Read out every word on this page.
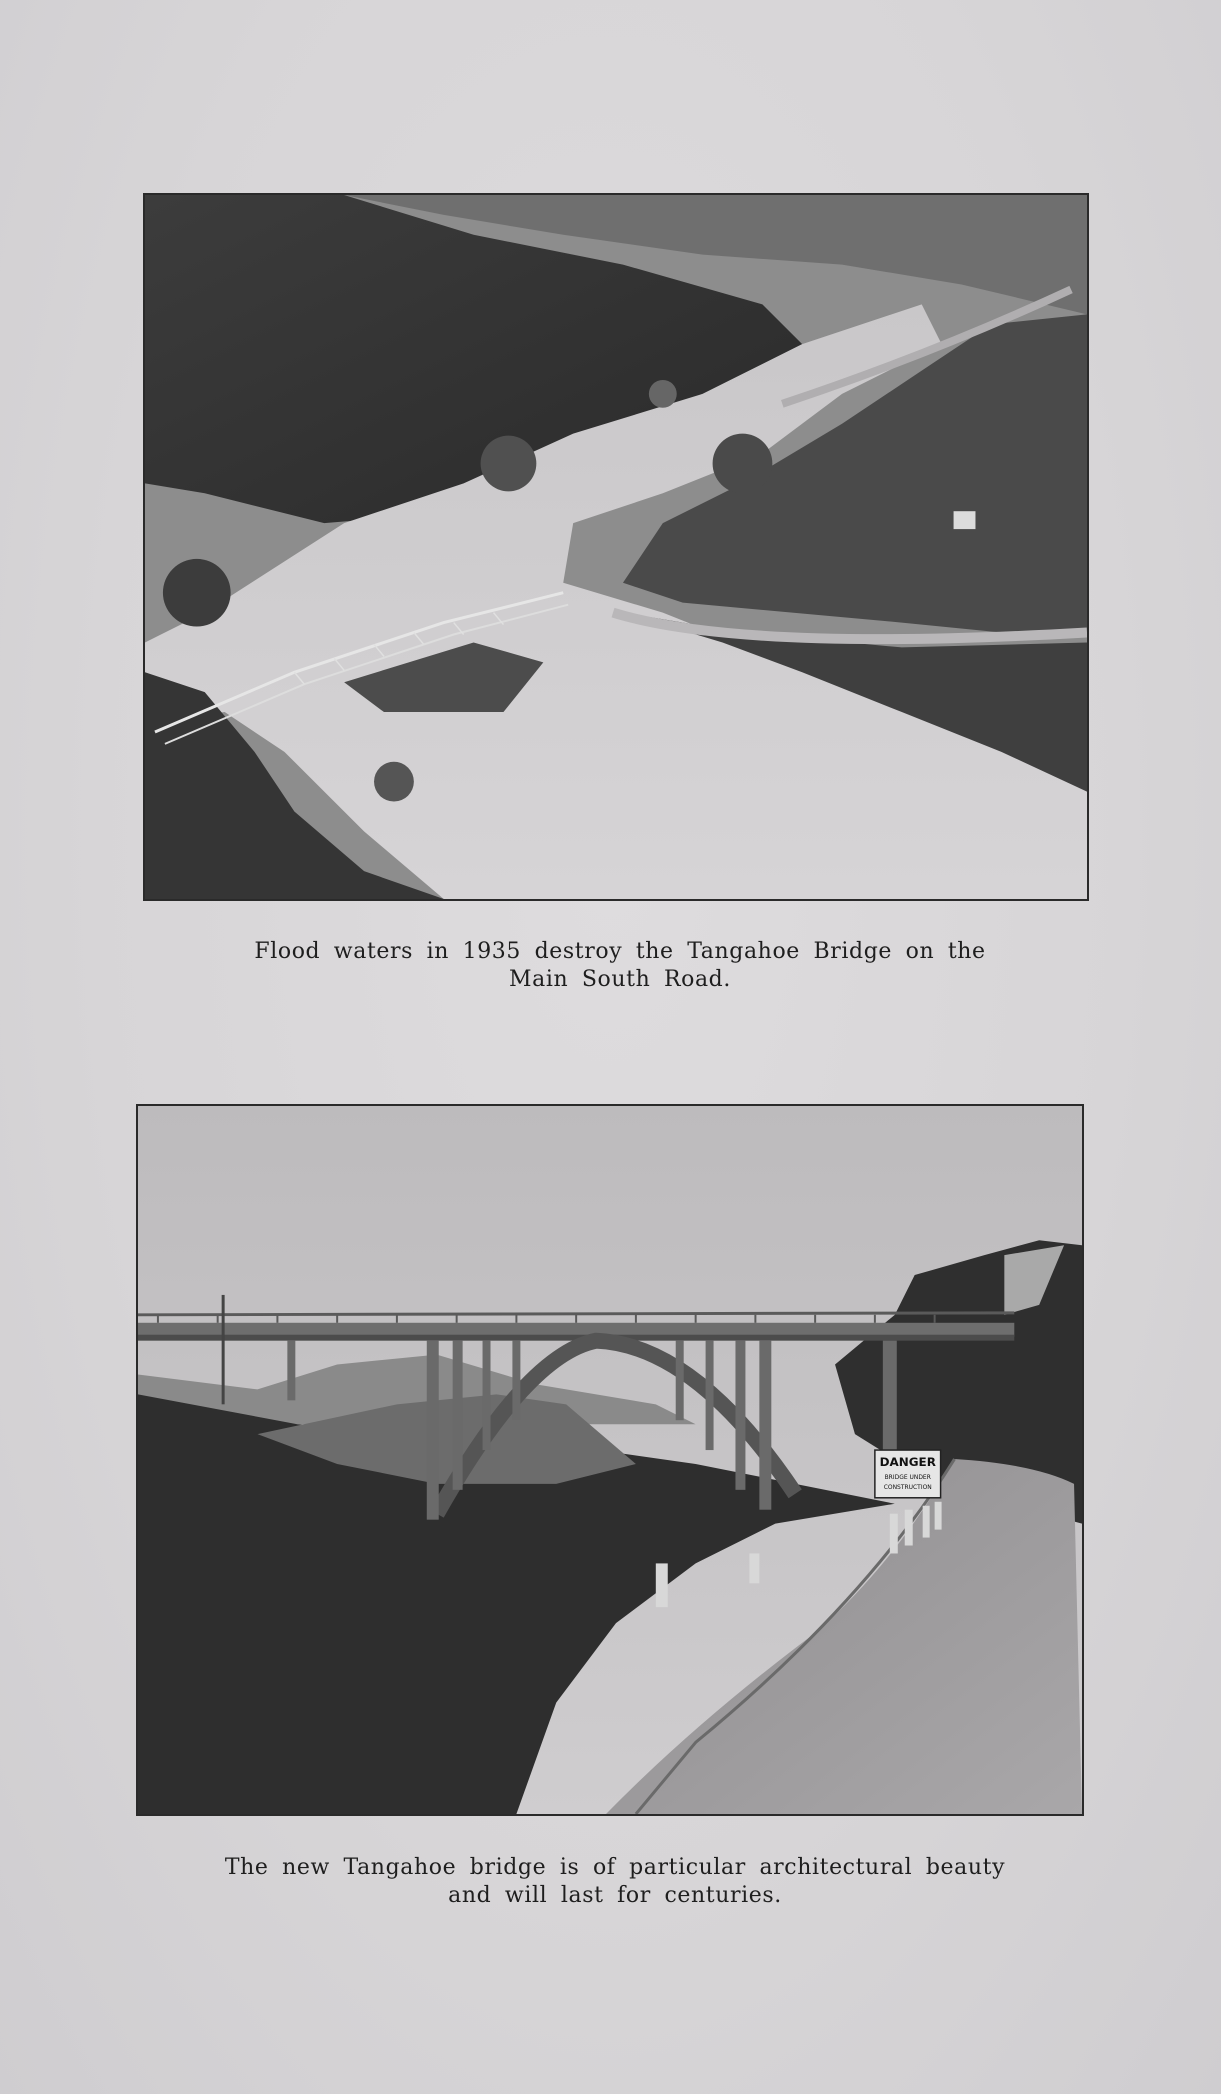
Flood waters in 1935 destroy the Tangahoe Bridge on the
Main South Road.
DANGER
BRIDGE UNDER
CONSTRUCTION
The new Tangahoe bridge is of particular architectural beauty
and will last for centuries.
